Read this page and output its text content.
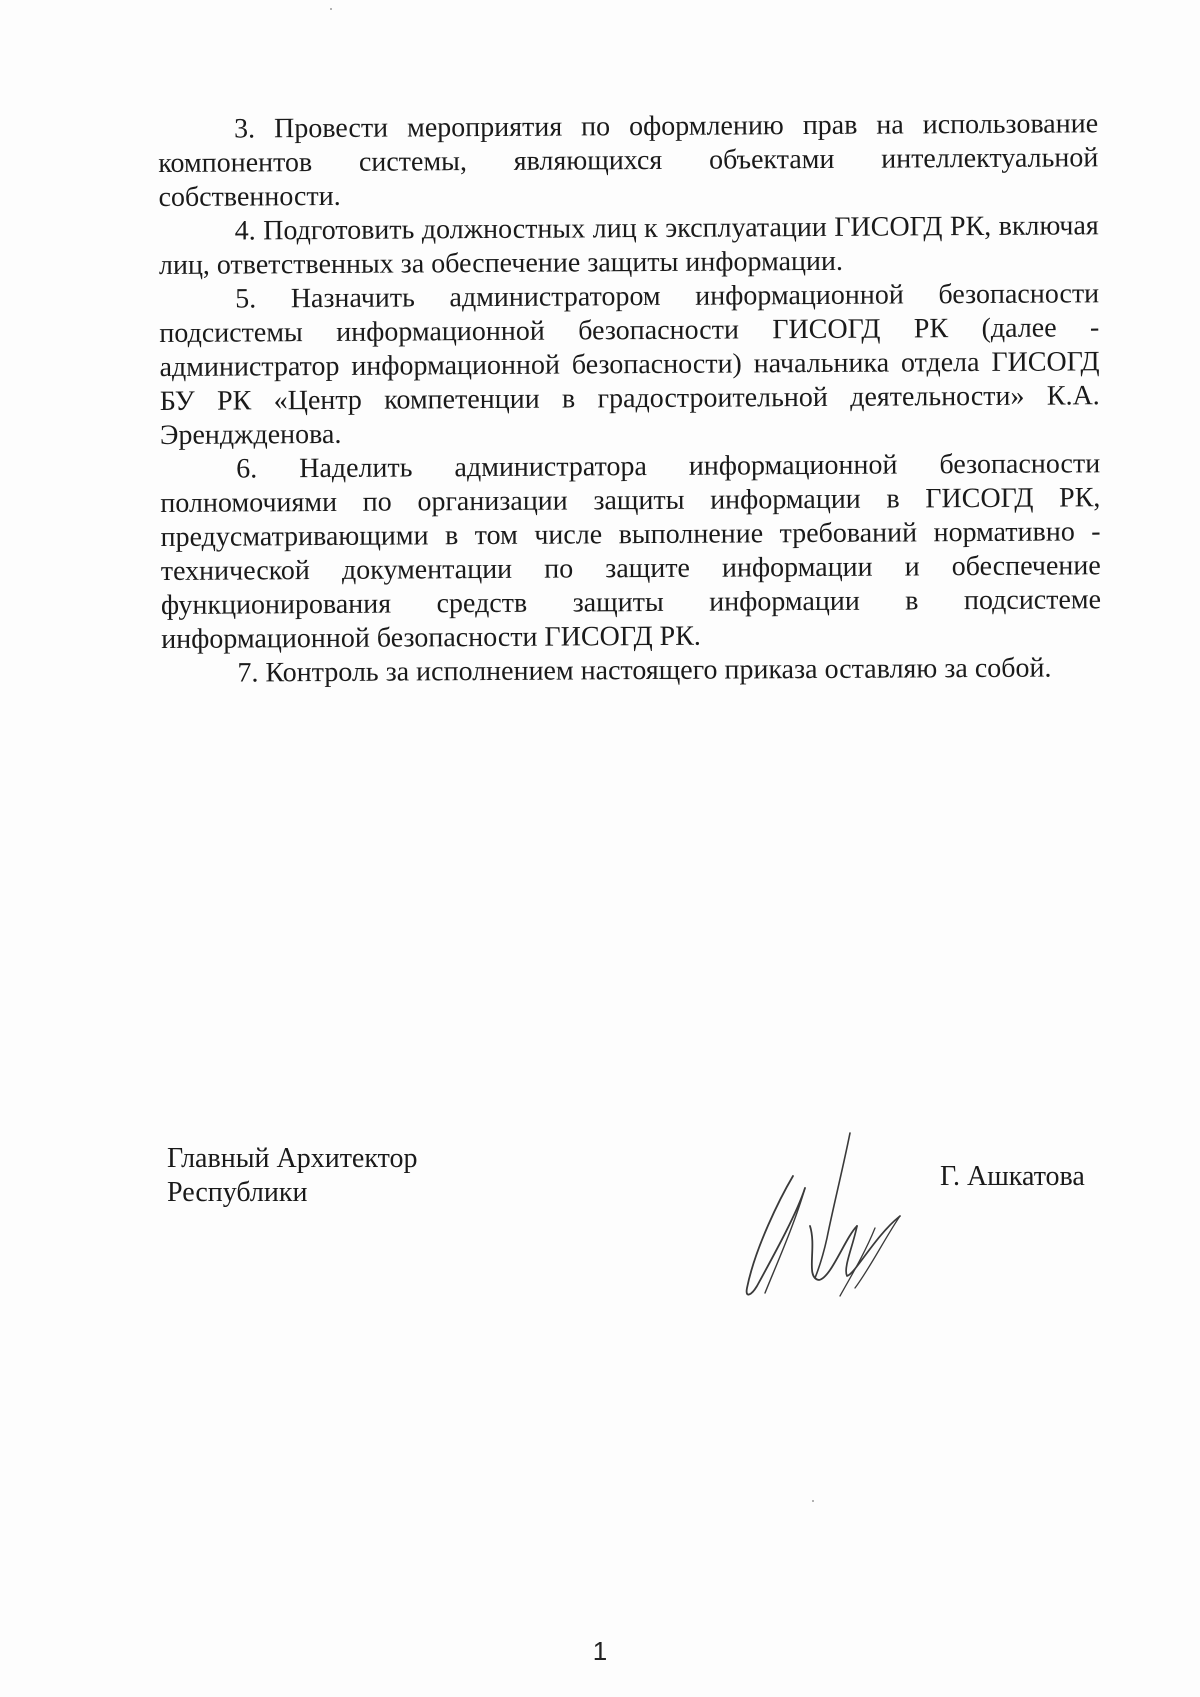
3. Провести мероприятия по оформлению прав на использование компонентов системы, являющихся объектами интеллектуальной собственности.

4. Подготовить должностных лиц к эксплуатации ГИСОГД РК, включая лиц, ответственных за обеспечение защиты информации.

5. Назначить администратором информационной безопасности подсистемы информационной безопасности ГИСОГД РК (далее - администратор информационной безопасности) начальника отдела ГИСОГД БУ РК «Центр компетенции в градостроительной деятельности» К.А. Эренджденова.

6. Наделить администратора информационной безопасности полномочиями по организации защиты информации в ГИСОГД РК, предусматривающими в том числе выполнение требований нормативно - технической документации по защите информации и обеспечение функционирования средств защиты информации в подсистеме информационной безопасности ГИСОГД РК.

7. Контроль за исполнением настоящего приказа оставляю за собой.

Главный Архитектор
Республики
Г. Ашкатова
1
